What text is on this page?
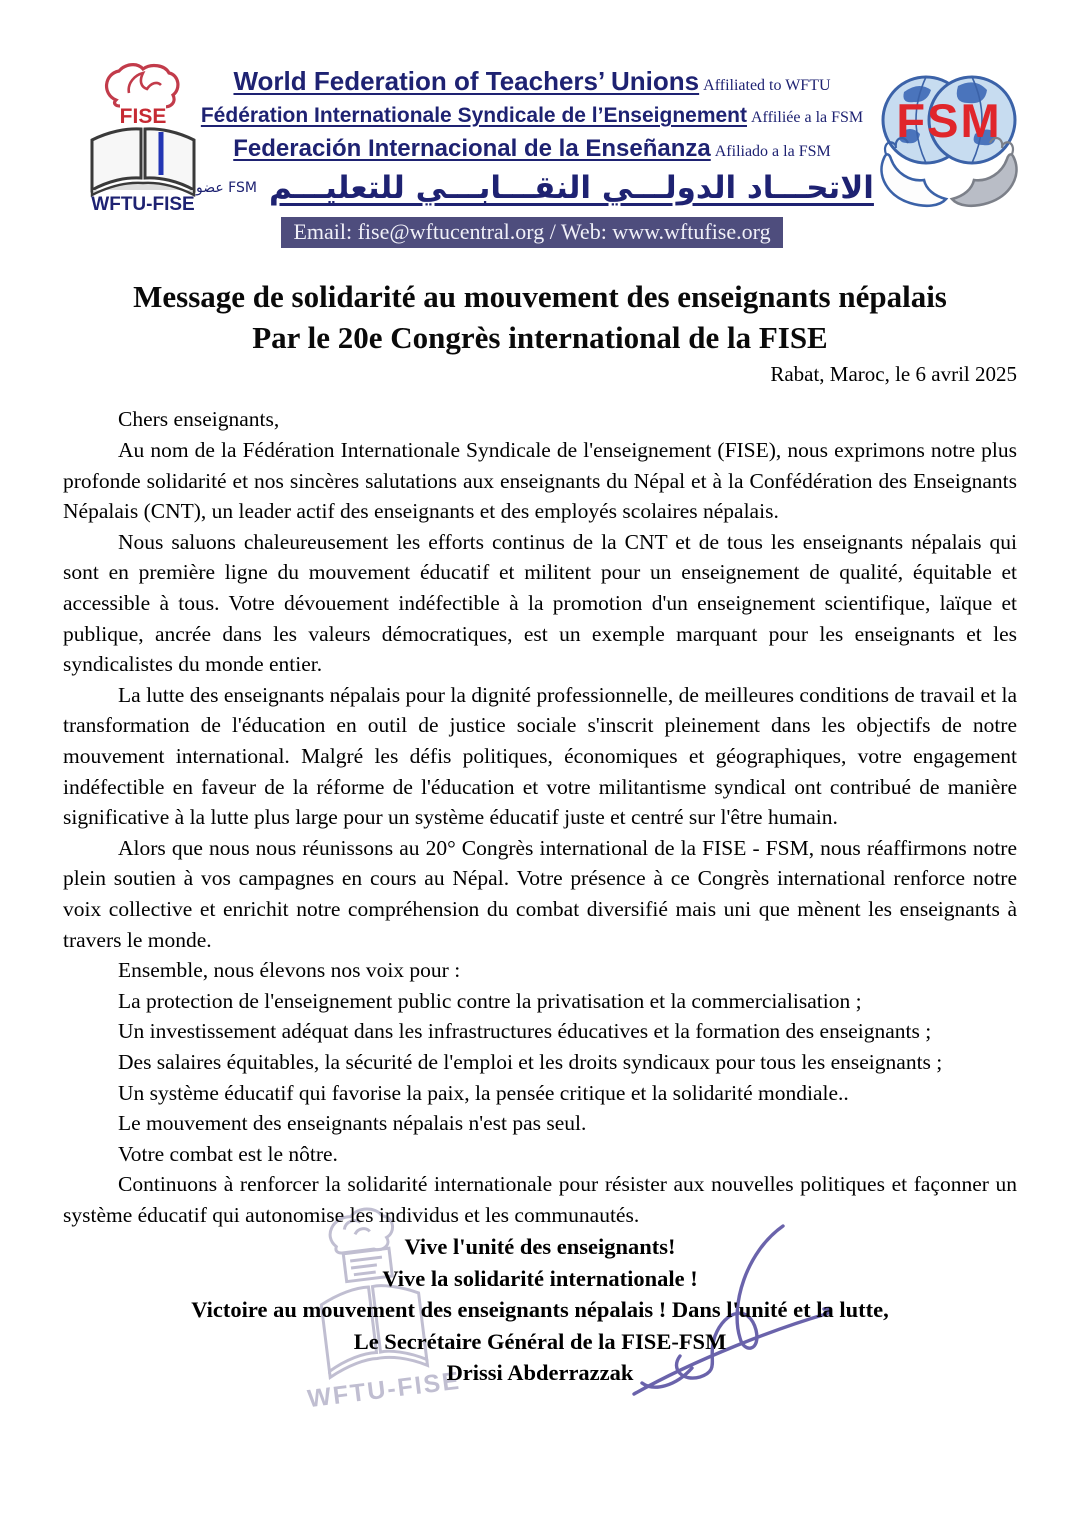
FISE
WFTU-FISE
World Federation of Teachers’ Unions Affiliated to WFTU
Fédération Internationale Syndicale de l’Enseignement Affiliée a la FSM
Federación Internacional de la Enseñanza Afiliado a la FSM
عضو FSM الاتحـــاد الدولـــي النقـــابـــي للتعليـــم
Email: fise@wftucentral.org / Web: www.wftufise.org
FSM
Message de solidarité au mouvement des enseignants népalais
Par le 20e Congrès international de la FISE
Rabat, Maroc, le 6 avril 2025

Chers enseignants,

Au nom de la Fédération Internationale Syndicale de l'enseignement (FISE), nous exprimons notre plus profonde solidarité et nos sincères salutations aux enseignants du Népal et à la Confédération des Enseignants Népalais (CNT), un leader actif des enseignants et des employés scolaires népalais.

Nous saluons chaleureusement les efforts continus de la CNT et de tous les enseignants népalais qui sont en première ligne du mouvement éducatif et militent pour un enseignement de qualité, équitable et accessible à tous. Votre dévouement indéfectible à la promotion d'un enseignement scientifique, laïque et publique, ancrée dans les valeurs démocratiques, est un exemple marquant pour les enseignants et les syndicalistes du monde entier.

La lutte des enseignants népalais pour la dignité professionnelle, de meilleures conditions de travail et la transformation de l'éducation en outil de justice sociale s'inscrit pleinement dans les objectifs de notre mouvement international. Malgré les défis politiques, économiques et géographiques, votre engagement indéfectible en faveur de la réforme de l'éducation et votre militantisme syndical ont contribué de manière significative à la lutte plus large pour un système éducatif juste et centré sur l'être humain.

Alors que nous nous réunissons au 20° Congrès international de la FISE - FSM, nous réaffirmons notre plein soutien à vos campagnes en cours au Népal. Votre présence à ce Congrès international renforce notre voix collective et enrichit notre compréhension du combat diversifié mais uni que mènent les enseignants à travers le monde.

Ensemble, nous élevons nos voix pour :

La protection de l'enseignement public contre la privatisation et la commercialisation ;

Un investissement adéquat dans les infrastructures éducatives et la formation des enseignants ;

Des salaires équitables, la sécurité de l'emploi et les droits syndicaux pour tous les enseignants ;

Un système éducatif qui favorise la paix, la pensée critique et la solidarité mondiale..

Le mouvement des enseignants népalais n'est pas seul.

Votre combat est le nôtre.

Continuons à renforcer la solidarité internationale pour résister aux nouvelles politiques et façonner un système éducatif qui autonomise les individus et les communautés.

Vive l'unité des enseignants!
Vive la solidarité internationale !
Victoire au mouvement des enseignants népalais ! Dans l'unité et la lutte,
Le Secrétaire Général de la FISE-FSM
Drissi Abderrazzak
WFTU-FISE
